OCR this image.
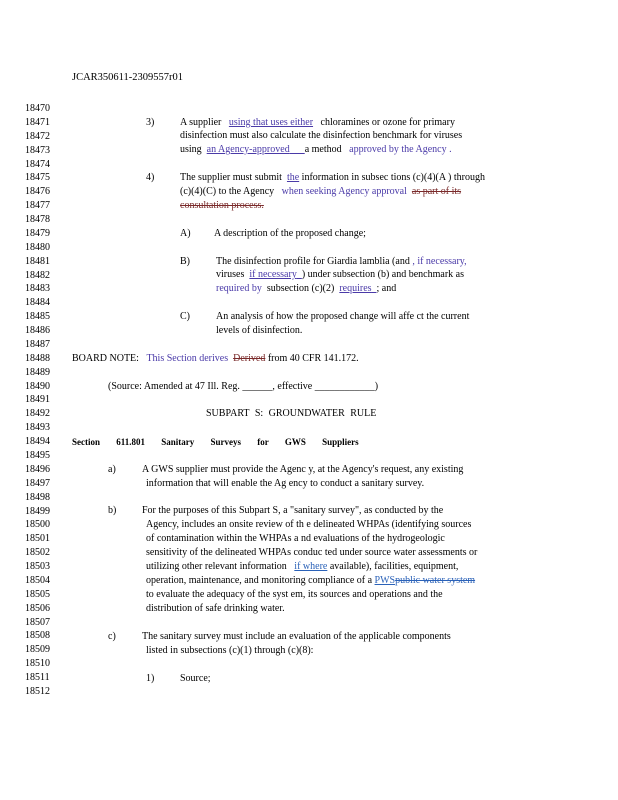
JCAR350611-2309557r01
18470
18471
18472
18473
18474
18475
18476
18477
18478
18479
18480
18481
18482
18483
18484
18485
18486
18487
18488
18489
18490
18491
18492
18493
18494
18495
18496
18497
18498
18499
18500
18501
18502
18503
18504
18505
18506
18507
18508
18509
18510
18511
18512
3)	A supplier using that uses either chloramines or ozone for primary
disinfection must also calculate the disinfection benchmark for viruses
using an Agency-approved a method approved by the Agency .
4)	The supplier must submit the information in subsec tions (c)(4)(A ) through
(c)(4)(C) to the Agency when seeking Agency approval as part of its
consultation process.
A) A description of the proposed change;
B)	The disinfection profile for Giardia lamblia (and , if necessary,
viruses if necessary ) under subsection (b) and benchmark as
required by subsection (c)(2) requires ; and
C)	An analysis of how the proposed change will affe ct the current
levels of disinfection.
BOARD NOTE: This Section derives Derived from 40 CFR 141.172.
(Source: Amended at 47 Ill. Reg. ______, effective ____________)
SUBPART S: GROUNDWATER RULE
Section 611.801 Sanitary Surveys for GWS Suppliers
a)	A GWS supplier must provide the Agenc y, at the Agency's request, any existing
information that will enable the Ag ency to conduct a sanitary survey.
b)	For the purposes of this Subpart S, a "sanitary survey", as conducted by the
Agency, includes an onsite review of th e delineated WHPAs (identifying sources
of contamination within the WHPAs a nd evaluations of the hydrogeologic
sensitivity of the delineated WHPAs conduc ted under source water assessments or
utilizing other relevant information if where available), facilities, equipment,
operation, maintenance, and monitoring compliance of a PWSpublic water system
to evaluate the adequacy of the syst em, its sources and operations and the
distribution of safe drinking water.
c)	The sanitary survey must include an evaluation of the applicable components
listed in subsections (c)(1) through (c)(8):
1)	Source;
